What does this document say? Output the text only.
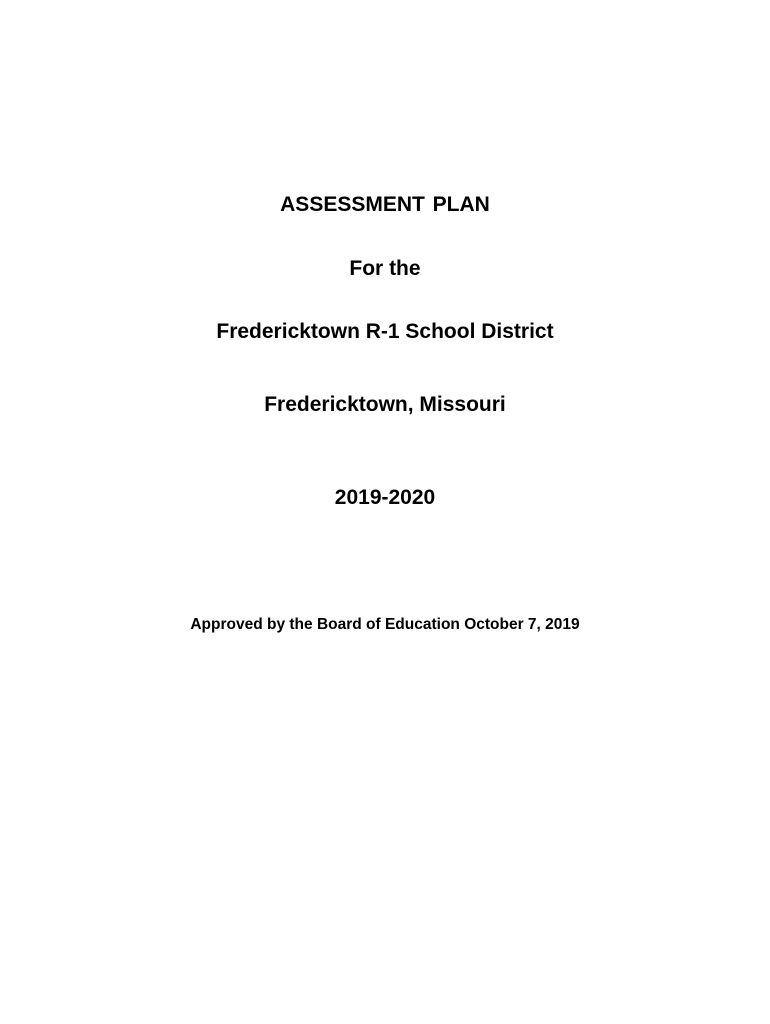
ASSESSMENT PLAN
For the
Fredericktown R-1 School District
Fredericktown, Missouri
2019-2020
Approved by the Board of Education October 7, 2019
